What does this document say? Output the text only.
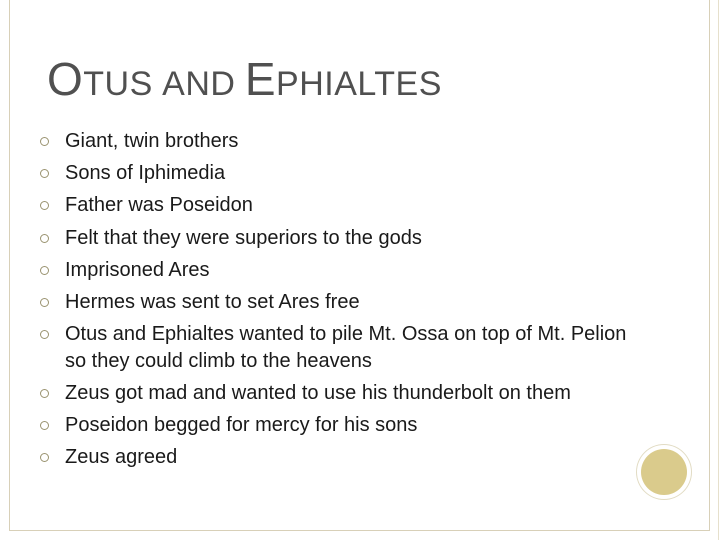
OTUS AND EPHIALTES
Giant, twin brothers
Sons of Iphimedia
Father was Poseidon
Felt that they were superiors to the gods
Imprisoned Ares
Hermes was sent to set Ares free
Otus and Ephialtes wanted to pile Mt. Ossa on top of Mt. Pelion so they could climb to the heavens
Zeus got mad and wanted to use his thunderbolt on them
Poseidon begged for mercy for his sons
Zeus agreed
